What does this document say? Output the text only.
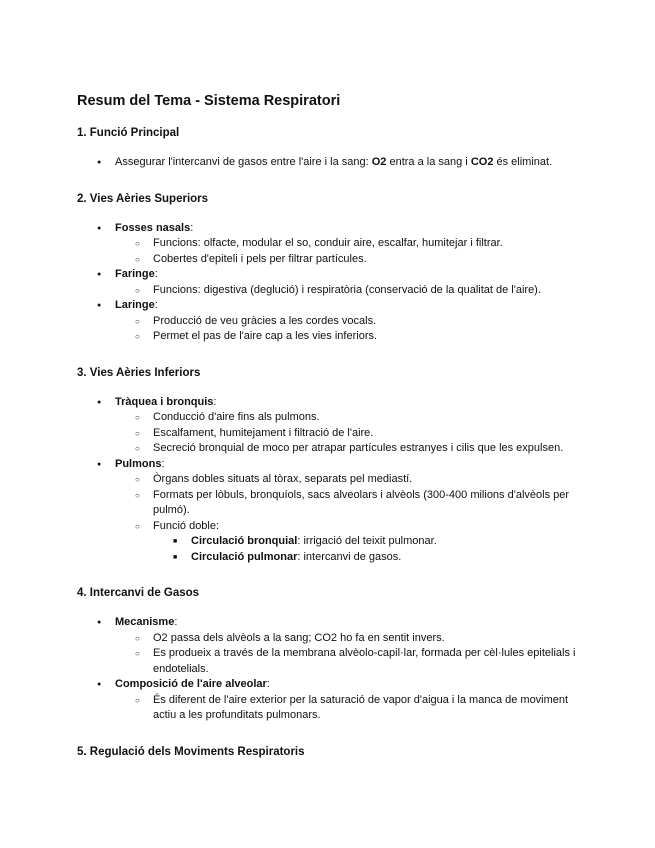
Resum del Tema - Sistema Respiratori
1. Funció Principal
● Assegurar l'intercanvi de gasos entre l'aire i la sang: O2 entra a la sang i CO2 és eliminat.
2. Vies Aèries Superiors
● Fosses nasals:
○ Funcions: olfacte, modular el so, conduir aire, escalfar, humitejar i filtrar.
○ Cobertes d'epiteli i pels per filtrar partícules.
● Faringe:
○ Funcions: digestiva (deglució) i respiratòria (conservació de la qualitat de l'aire).
● Laringe:
○ Producció de veu gràcies a les cordes vocals.
○ Permet el pas de l'aire cap a les vies inferiors.
3. Vies Aèries Inferiors
● Tràquea i bronquis:
○ Conducció d'aire fins als pulmons.
○ Escalfament, humitejament i filtració de l'aire.
○ Secreció bronquial de moco per atrapar partícules estranyes i cilis que les expulsen.
● Pulmons:
○ Òrgans dobles situats al tòrax, separats pel mediastí.
○ Formats per lòbuls, bronquíols, sacs alveolars i alvèols (300-400 milions d'alvèols per pulmó).
○ Funció doble:
■ Circulació bronquial: irrigació del teixit pulmonar.
■ Circulació pulmonar: intercanvi de gasos.
4. Intercanvi de Gasos
● Mecanisme:
○ O2 passa dels alvèols a la sang; CO2 ho fa en sentit invers.
○ Es produeix a través de la membrana alvèolo-capil·lar, formada per cèl·lules epitelials i endotelials.
● Composició de l'aire alveolar:
○ És diferent de l'aire exterior per la saturació de vapor d'aigua i la manca de moviment actiu a les profunditats pulmonars.
5. Regulació dels Moviments Respiratoris
